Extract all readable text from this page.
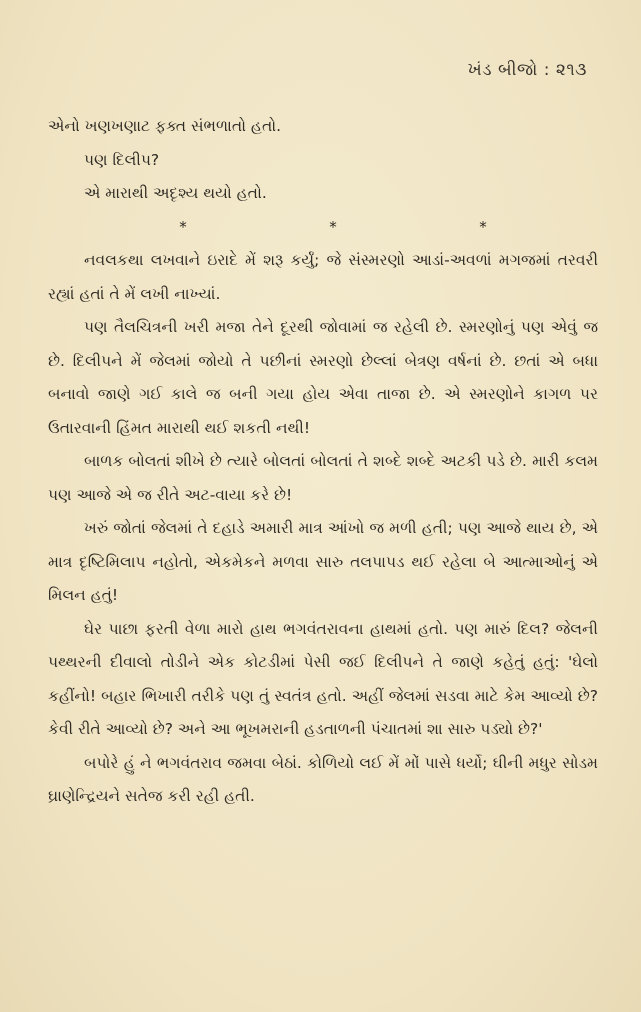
ખંડ બીજો : ૨૧૩

એનો ખણખણાટ ફક્ત સંભળાતો હતો.

પણ દિલીપ?

એ મારાથી અદૃશ્ય થયો હતો.

*	*	*

નવલકથા લખવાને ઇરાદે મેં શરૂ કર્યું; જે સંસ્મરણો આડાં-અવળાં મગજમાં તરવરી રહ્યાં હતાં તે મેં લખી નાખ્યાં.

પણ તૈલચિત્રની ખરી મજા તેને દૂરથી જોવામાં જ રહેલી છે. સ્મરણોનું પણ એવું જ છે. દિલીપને મેં જેલમાં જોયો તે પછીનાં સ્મરણો છેલ્લાં બેત્રણ વર્ષનાં છે. છતાં એ બધા બનાવો જાણે ગઈ કાલે જ બની ગયા હોય એવા તાજા છે. એ સ્મરણોને કાગળ પર ઉતારવાની હિંમત મારાથી થઈ શકતી નથી!

બાળક બોલતાં શીખે છે ત્યારે બોલતાં બોલતાં તે શબ્દે શબ્દે અટકી પડે છે. મારી કલમ પણ આજે એ જ રીતે અટ-વાયા કરે છે!

ખરું જોતાં જેલમાં તે દહાડે અમારી માત્ર આંખો જ મળી હતી; પણ આજે થાય છે, એ માત્ર દૃષ્ટિમિલાપ નહોતો, એકમેકને મળવા સારુ તલપાપડ થઈ રહેલા બે આત્માઓનું એ મિલન હતું!

ઘેર પાછા ફરતી વેળા મારો હાથ ભગવંતરાવના હાથમાં હતો. પણ મારું દિલ? જેલની પથ્થરની દીવાલો તોડીને એક કોટડીમાં પેસી જઈ દિલીપને તે જાણે કહેતું હતું: 'ઘેલો કહીંનો! બહાર ભિખારી તરીકે પણ તું સ્વતંત્ર હતો. અહીં જેલમાં સડવા માટે કેમ આવ્યો છે? કેવી રીતે આવ્યો છે? અને આ ભૂખમરાની હડતાળની પંચાતમાં શા સારુ પડ્યો છે?'

બપોરે હું ને ભગવંતરાવ જમવા બેઠાં. કોળિયો લઈ મેં મોં પાસે ધર્યો; ઘીની મધુર સોડમ ઘ્રાણેન્દ્રિયને સતેજ કરી રહી હતી.
